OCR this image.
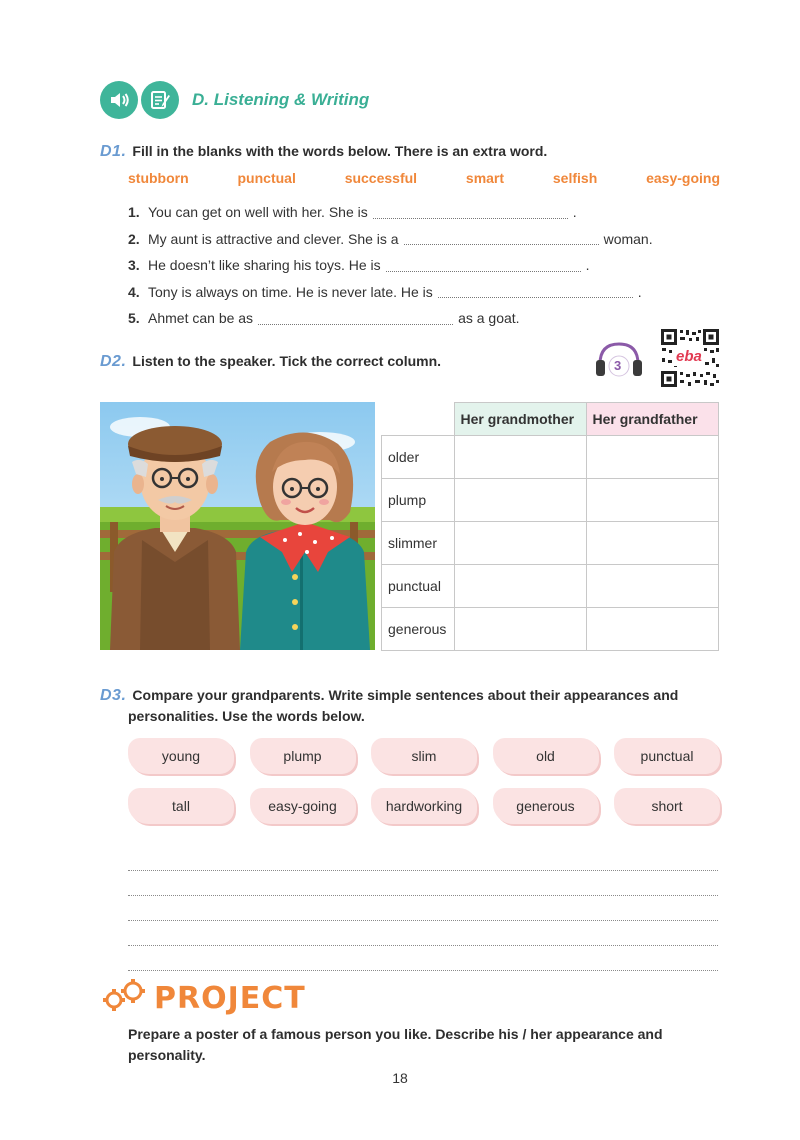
D. Listening & Writing
D1. Fill in the blanks with the words below. There is an extra word.
stubborn	punctual	successful	smart	selfish	easy-going
1. You can get on well with her. She is	.
2. My aunt is attractive and clever. She is a	woman.
3. He doesn’t like sharing his toys. He is	.
4. Tony is always on time. He is never late. He is	.
5. Ahmet can be as	as a goat.
D2. Listen to the speaker. Tick the correct column.	3
eba
	Her grandmother	Her grandfather
older		
plump		
slimmer		
punctual		
generous		
D3. Compare your grandparents. Write simple sentences about their appearances and
personalities. Use the words below.
young	plump	slim	old	punctual
tall	easy-going	hardworking	generous	short
PROJECT
Prepare a poster of a famous person you like. Describe his / her appearance and
personality.
18
